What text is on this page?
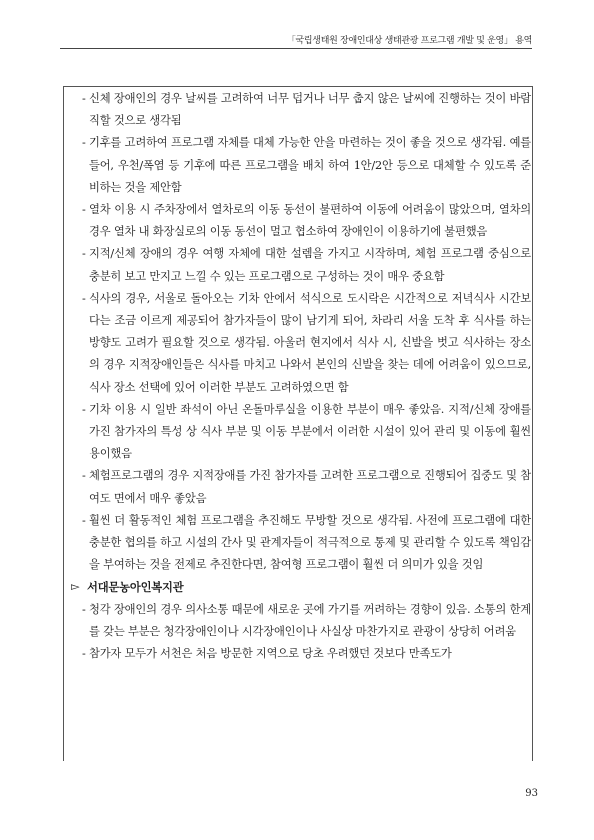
「국립생태원 장애인대상 생태관광 프로그램 개발 및 운영」 용역
- 신체 장애인의 경우 날씨를 고려하여 너무 덥거나 너무 춥지 않은 날씨에 진행하는 것이 바람직할 것으로 생각됨
- 기후를 고려하여 프로그램 자체를 대체 가능한 안을 마련하는 것이 좋을 것으로 생각됨. 예를 들어, 우천/폭염 등 기후에 따른 프로그램을 배치 하여 1안/2안 등으로 대체할 수 있도록 준비하는 것을 제안함
- 열차 이용 시 주차장에서 열차로의 이동 동선이 불편하여 이동에 어려움이 많았으며, 열차의 경우 열차 내 화장실로의 이동 동선이 멀고 협소하여 장애인이 이용하기에 불편했음
- 지적/신체 장애의 경우 여행 자체에 대한 설렘을 가지고 시작하며, 체험 프로그램 중심으로 충분히 보고 만지고 느낄 수 있는 프로그램으로 구성하는 것이 매우 중요함
- 식사의 경우, 서울로 돌아오는 기차 안에서 석식으로 도시락은 시간적으로 저녁식사 시간보다는 조금 이르게 제공되어 참가자들이 많이 남기게 되어, 차라리 서울 도착 후 식사를 하는 방향도 고려가 필요할 것으로 생각됨. 아울러 현지에서 식사 시, 신발을 벗고 식사하는 장소의 경우 지적장애인들은 식사를 마치고 나와서 본인의 신발을 찾는 데에 어려움이 있으므로, 식사 장소 선택에 있어 이러한 부분도 고려하였으면 함
- 기차 이용 시 일반 좌석이 아닌 온돌마루실을 이용한 부분이 매우 좋았음. 지적/신체 장애를 가진 참가자의 특성 상 식사 부분 및 이동 부분에서 이러한 시설이 있어 관리 및 이동에 훨씬 용이했음
- 체험프로그램의 경우 지적장애를 가진 참가자를 고려한 프로그램으로 진행되어 집중도 및 참여도 면에서 매우 좋았음
- 훨씬 더 활동적인 체험 프로그램을 추진해도 무방할 것으로 생각됨. 사전에 프로그램에 대한 충분한 협의를 하고 시설의 간사 및 관계자들이 적극적으로 통제 및 관리할 수 있도록 책임감을 부여하는 것을 전제로 추진한다면, 참여형 프로그램이 훨씬 더 의미가 있을 것임
▻ 서대문농아인복지관
- 청각 장애인의 경우 의사소통 때문에 새로운 곳에 가기를 꺼려하는 경향이 있음. 소통의 한계를 갖는 부분은 청각장애인이나 시각장애인이나 사실상 마찬가지로 관광이 상당히 어려움
- 참가자 모두가 서천은 처음 방문한 지역으로 당초 우려했던 것보다 만족도가
93
